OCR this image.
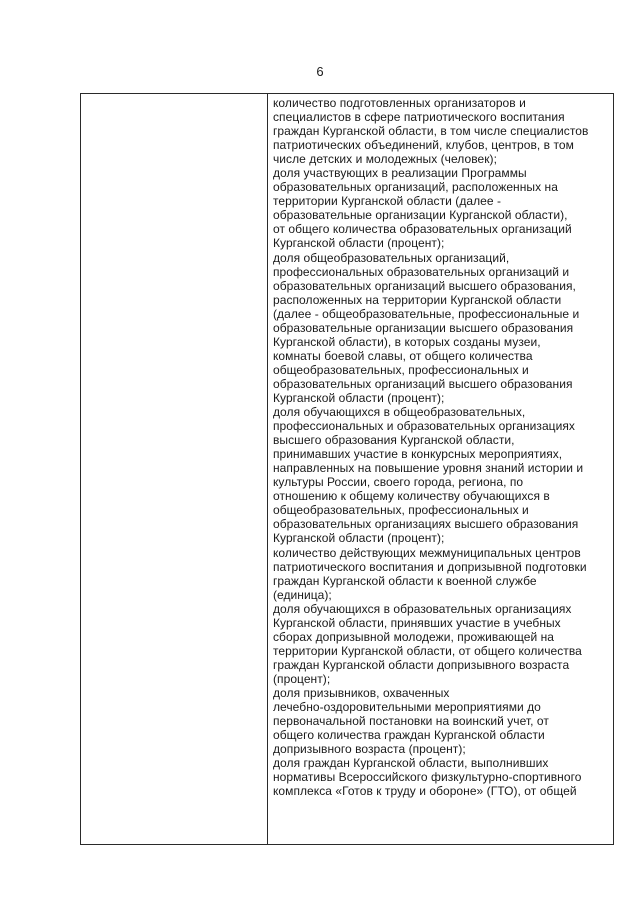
6
количество подготовленных организаторов и
специалистов в сфере патриотического воспитания
граждан Курганской области, в том числе специалистов
патриотических объединений, клубов, центров, в том
числе детских и молодежных (человек);
доля участвующих в реализации Программы
образовательных организаций, расположенных на
территории Курганской области (далее -
образовательные организации Курганской области),
от общего количества образовательных организаций
Курганской области (процент);
доля общеобразовательных организаций,
профессиональных образовательных организаций и
образовательных организаций высшего образования,
расположенных на территории Курганской области
(далее - общеобразовательные, профессиональные и
образовательные организации высшего образования
Курганской области), в которых созданы музеи,
комнаты боевой славы, от общего количества
общеобразовательных, профессиональных и
образовательных организаций высшего образования
Курганской области (процент);
доля обучающихся в общеобразовательных,
профессиональных и образовательных организациях
высшего образования Курганской области,
принимавших участие в конкурсных мероприятиях,
направленных на повышение уровня знаний истории и
культуры России, своего города, региона, по
отношению к общему количеству обучающихся в
общеобразовательных, профессиональных и
образовательных организациях высшего образования
Курганской области (процент);
количество действующих межмуниципальных центров
патриотического воспитания и допризывной подготовки
граждан Курганской области к военной службе
(единица);
доля обучающихся в образовательных организациях
Курганской области, принявших участие в учебных
сборах допризывной молодежи, проживающей на
территории Курганской области, от общего количества
граждан Курганской области допризывного возраста
(процент);
доля призывников, охваченных
лечебно-оздоровительными мероприятиями до
первоначальной постановки на воинский учет, от
общего количества граждан Курганской области
допризывного возраста (процент);
доля граждан Курганской области, выполнивших
нормативы Всероссийского физкультурно-спортивного
комплекса «Готов к труду и обороне» (ГТО), от общей
